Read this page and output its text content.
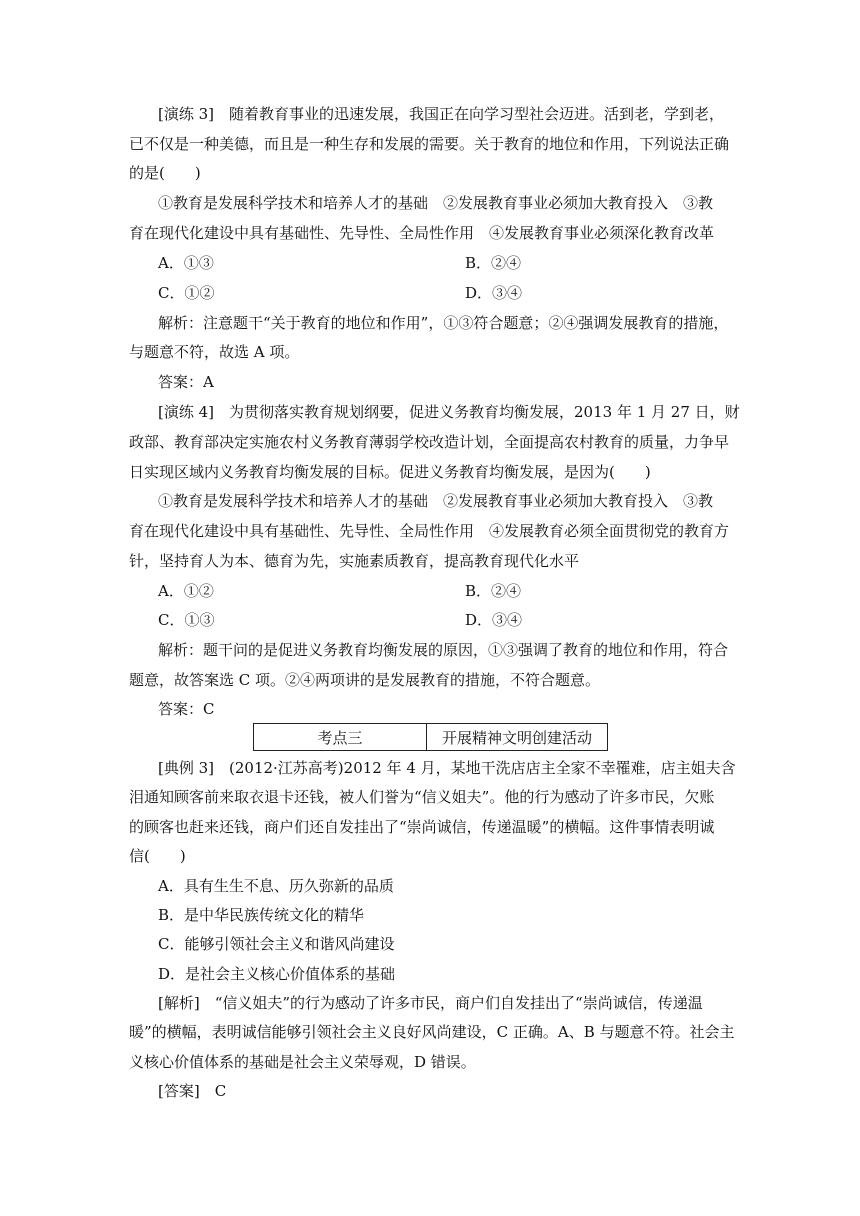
[演练 3]　随着教育事业的迅速发展，我国正在向学习型社会迈进。活到老，学到老，
已不仅是一种美德，而且是一种生存和发展的需要。关于教育的地位和作用，下列说法正确
的是(　　)
①教育是发展科学技术和培养人才的基础　②发展教育事业必须加大教育投入　③教
育在现代化建设中具有基础性、先导性、全局性作用　④发展教育事业必须深化教育改革
A．①③	B．②④
C．①②	D．③④
解析：注意题干“关于教育的地位和作用”，①③符合题意；②④强调发展教育的措施，
与题意不符，故选 A 项。
答案：A
[演练 4]　为贯彻落实教育规划纲要，促进义务教育均衡发展，2013 年 1 月 27 日，财
政部、教育部决定实施农村义务教育薄弱学校改造计划，全面提高农村教育的质量，力争早
日实现区域内义务教育均衡发展的目标。促进义务教育均衡发展，是因为(　　)
①教育是发展科学技术和培养人才的基础　②发展教育事业必须加大教育投入　③教
育在现代化建设中具有基础性、先导性、全局性作用　④发展教育必须全面贯彻党的教育方
针，坚持育人为本、德育为先，实施素质教育，提高教育现代化水平
A．①②	B．②④
C．①③	D．③④
解析：题干问的是促进义务教育均衡发展的原因，①③强调了教育的地位和作用，符合
题意，故答案选 C 项。②④两项讲的是发展教育的措施，不符合题意。
答案：C
考点三	开展精神文明创建活动
[典例 3]　(2012·江苏高考)2012 年 4 月，某地干洗店店主全家不幸罹难，店主姐夫含
泪通知顾客前来取衣退卡还钱，被人们誉为“信义姐夫”。他的行为感动了许多市民，欠账
的顾客也赶来还钱，商户们还自发挂出了“崇尚诚信，传递温暖”的横幅。这件事情表明诚
信(　　)
A．具有生生不息、历久弥新的品质
B．是中华民族传统文化的精华
C．能够引领社会主义和谐风尚建设
D．是社会主义核心价值体系的基础
[解析]　“信义姐夫”的行为感动了许多市民，商户们自发挂出了“崇尚诚信，传递温
暖”的横幅，表明诚信能够引领社会主义良好风尚建设，C 正确。A、B 与题意不符。社会主
义核心价值体系的基础是社会主义荣辱观，D 错误。
[答案]　C
